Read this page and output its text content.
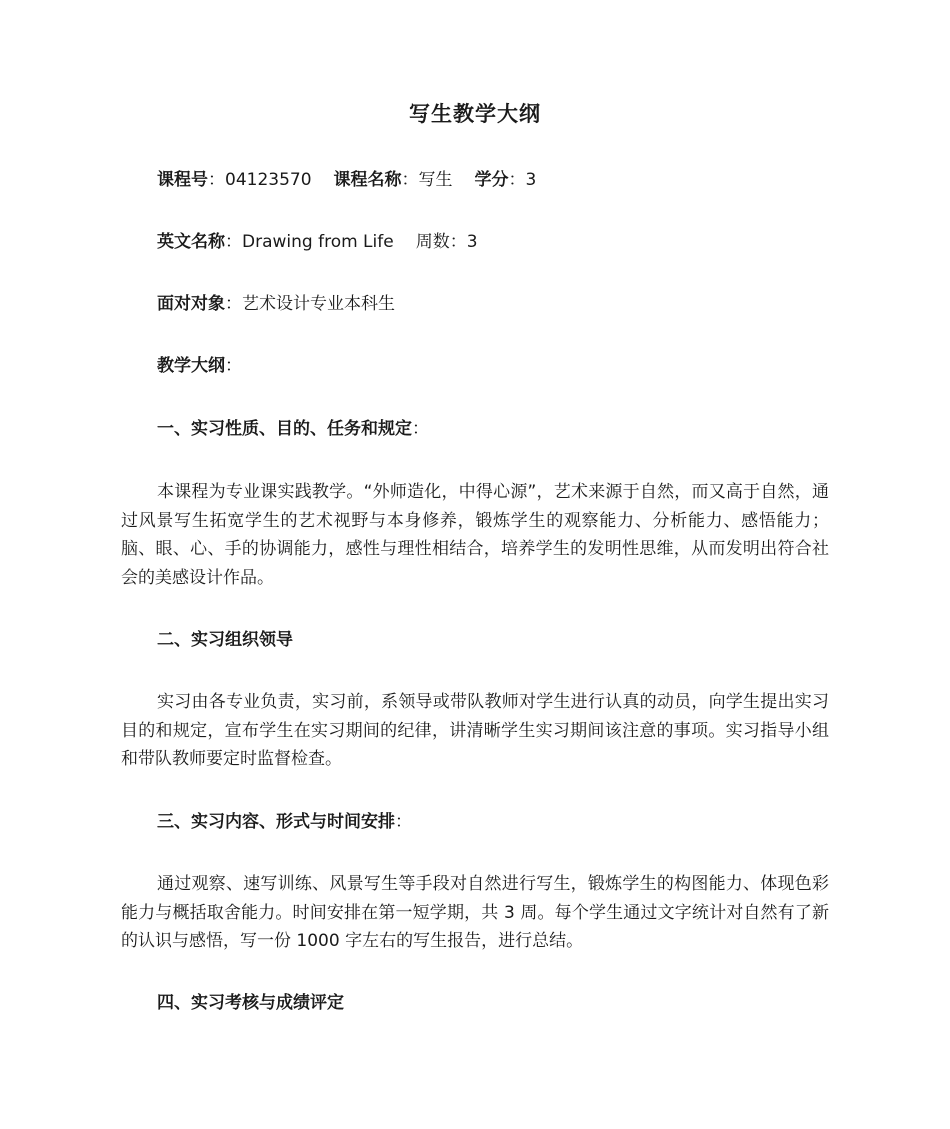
写生教学大纲
课程号：04123570 课程名称：写生 学分：3
英文名称：Drawing from Life 周数：3
面对对象：艺术设计专业本科生
教学大纲：
一、实习性质、目的、任务和规定：
本课程为专业课实践教学。“外师造化，中得心源”，艺术来源于自然，而又高于自然，通过风景写生拓宽学生的艺术视野与本身修养，锻炼学生的观察能力、分析能力、感悟能力；脑、眼、心、手的协调能力，感性与理性相结合，培养学生的发明性思维，从而发明出符合社会的美感设计作品。
二、实习组织领导
实习由各专业负责，实习前，系领导或带队教师对学生进行认真的动员，向学生提出实习目的和规定，宣布学生在实习期间的纪律，讲清晰学生实习期间该注意的事项。实习指导小组和带队教师要定时监督检查。
三、实习内容、形式与时间安排：
通过观察、速写训练、风景写生等手段对自然进行写生，锻炼学生的构图能力、体现色彩能力与概括取舍能力。时间安排在第一短学期，共 3 周。每个学生通过文字统计对自然有了新的认识与感悟，写一份 1000 字左右的写生报告，进行总结。
四、实习考核与成绩评定
